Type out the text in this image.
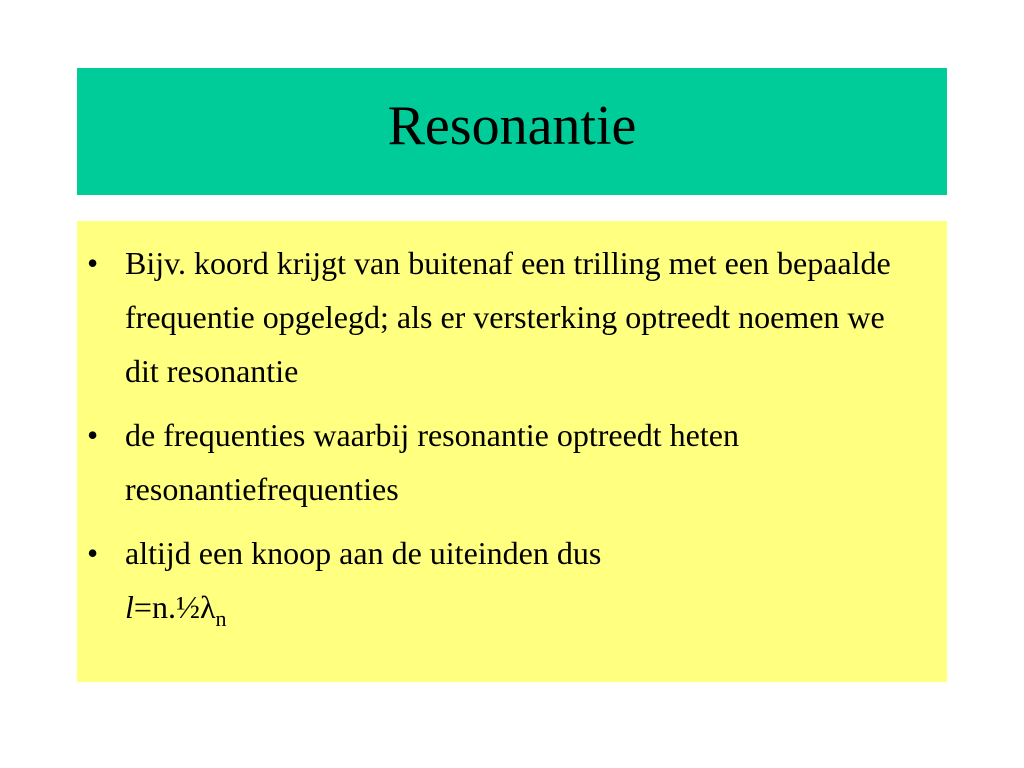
Resonantie
• Bijv. koord krijgt van buitenaf een trilling met een bepaalde frequentie opgelegd; als er versterking optreedt noemen we dit resonantie
• de frequenties waarbij resonantie optreedt heten resonantiefrequenties
• altijd een knoop aan de uiteinden dus
$l=n.\frac{1}{2}\lambda_n$
